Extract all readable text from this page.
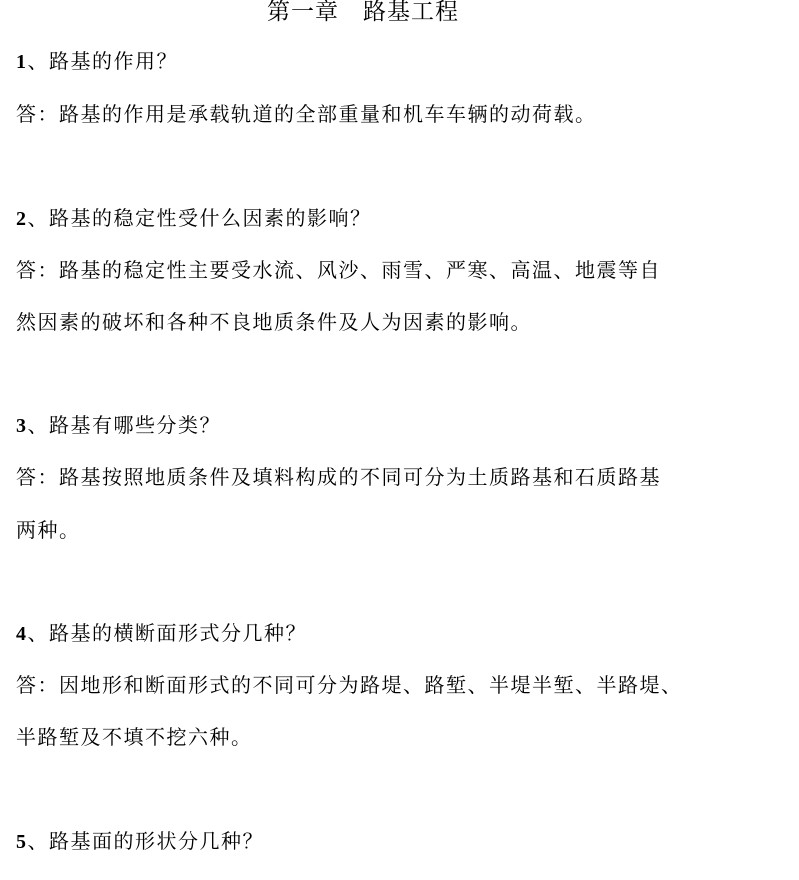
第一章　路基工程
1、路基的作用？
答：路基的作用是承载轨道的全部重量和机车车辆的动荷载。
2、路基的稳定性受什么因素的影响？
答：路基的稳定性主要受水流、风沙、雨雪、严寒、高温、地震等自
然因素的破坏和各种不良地质条件及人为因素的影响。
3、路基有哪些分类？
答：路基按照地质条件及填料构成的不同可分为土质路基和石质路基
两种。
4、路基的横断面形式分几种？
答：因地形和断面形式的不同可分为路堤、路堑、半堤半堑、半路堤、
半路堑及不填不挖六种。
5、路基面的形状分几种？
